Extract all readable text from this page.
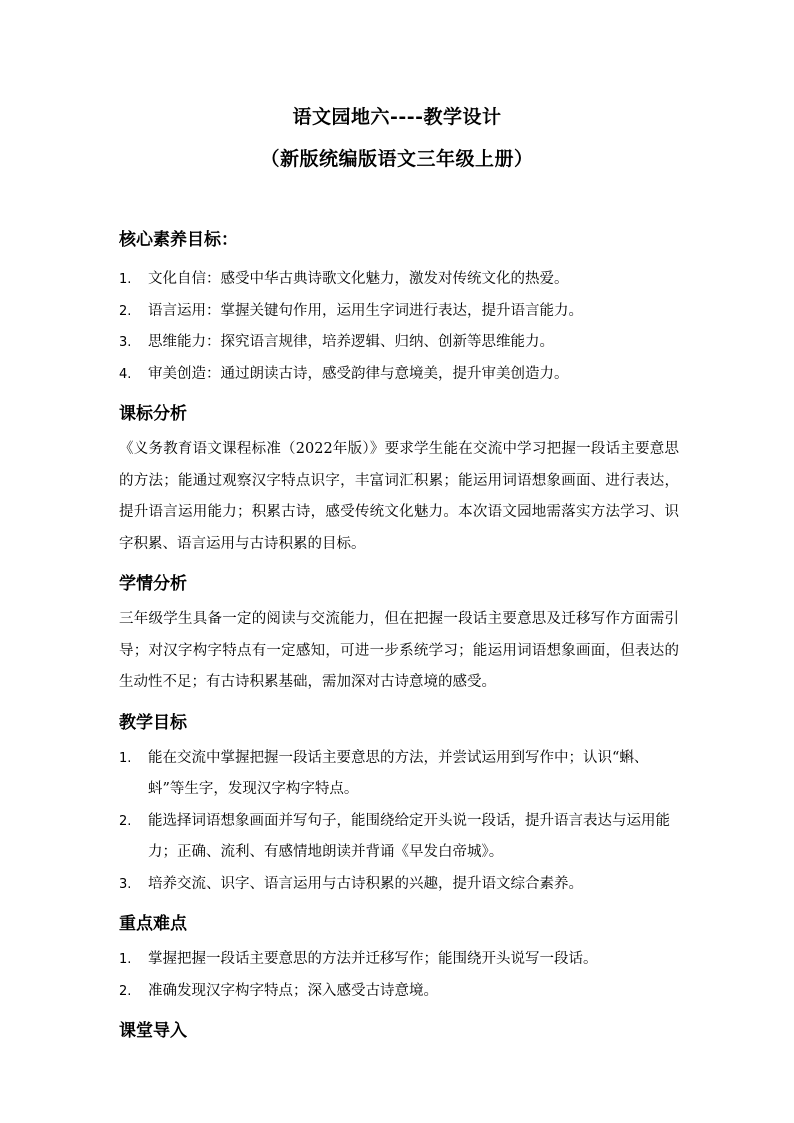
语文园地六----教学设计
（新版统编版语文三年级上册）
核心素养目标：
1.	文化自信：感受中华古典诗歌文化魅力，激发对传统文化的热爱。
2.	语言运用：掌握关键句作用，运用生字词进行表达，提升语言能力。
3.	思维能力：探究语言规律，培养逻辑、归纳、创新等思维能力。
4.	审美创造：通过朗读古诗，感受韵律与意境美，提升审美创造力。
课标分析

《义务教育语文课程标准（2022年版）》要求学生能在交流中学习把握一段话主要意思的方法；能通过观察汉字特点识字，丰富词汇积累；能运用词语想象画面、进行表达，提升语言运用能力；积累古诗，感受传统文化魅力。本次语文园地需落实方法学习、识字积累、语言运用与古诗积累的目标。

学情分析

三年级学生具备一定的阅读与交流能力，但在把握一段话主要意思及迁移写作方面需引导；对汉字构字特点有一定感知，可进一步系统学习；能运用词语想象画面，但表达的生动性不足；有古诗积累基础，需加深对古诗意境的感受。

教学目标
1.	能在交流中掌握把握一段话主要意思的方法，并尝试运用到写作中；认识“蝌、蚪”等生字，发现汉字构字特点。
2.	能选择词语想象画面并写句子，能围绕给定开头说一段话，提升语言表达与运用能力；正确、流利、有感情地朗读并背诵《早发白帝城》。
3.	培养交流、识字、语言运用与古诗积累的兴趣，提升语文综合素养。
重点难点
1.	掌握把握一段话主要意思的方法并迁移写作；能围绕开头说写一段话。
2.	准确发现汉字构字特点；深入感受古诗意境。
课堂导入
